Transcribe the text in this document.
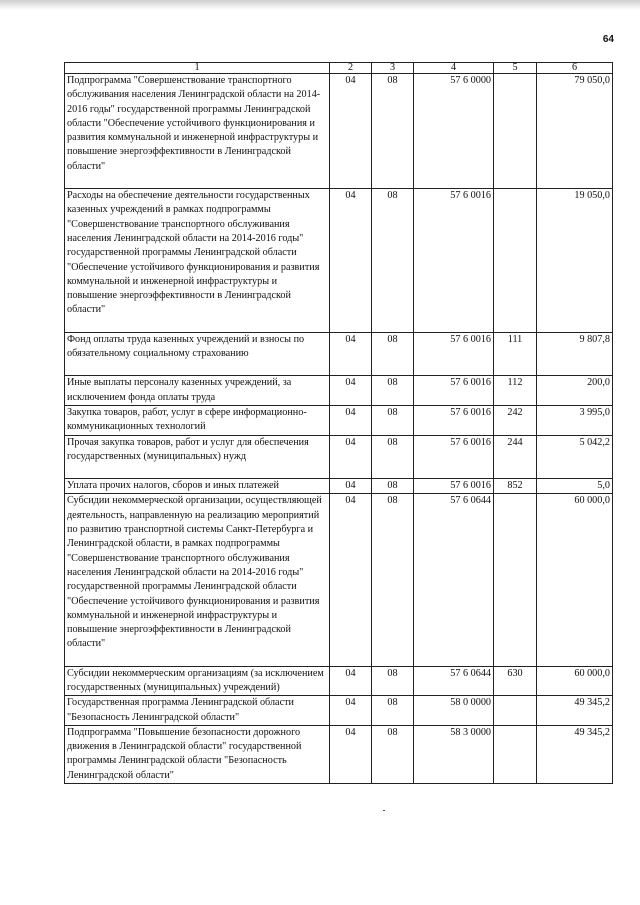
64
1	2	3	4	5	6
Подпрограмма "Совершенствование транспортного обслуживания населения Ленинградской области на 2014-2016 годы" государственной программы Ленинградской области "Обеспечение устойчивого функционирования и развития коммунальной и инженерной инфраструктуры и повышение энергоэффективности в Ленинградской области"	04	08	57 6 0000		79 050,0
Расходы на обеспечение деятельности государственных казенных учреждений в рамках подпрограммы "Совершенствование транспортного обслуживания населения Ленинградской области на 2014-2016 годы" государственной программы Ленинградской области "Обеспечение устойчивого функционирования и развития коммунальной и инженерной инфраструктуры и повышение энергоэффективности в Ленинградской области"	04	08	57 6 0016		19 050,0
Фонд оплаты труда казенных учреждений и взносы по обязательному социальному страхованию	04	08	57 6 0016	111	9 807,8
Иные выплаты персоналу казенных учреждений, за исключением фонда оплаты труда	04	08	57 6 0016	112	200,0
Закупка товаров, работ, услуг в сфере информационно-коммуникационных технологий	04	08	57 6 0016	242	3 995,0
Прочая закупка товаров, работ и услуг для обеспечения государственных (муниципальных) нужд	04	08	57 6 0016	244	5 042,2
Уплата прочих налогов, сборов и иных платежей	04	08	57 6 0016	852	5,0
Субсидии некоммерческой организации, осуществляющей деятельность, направленную на реализацию мероприятий по развитию транспортной системы Санкт-Петербурга и Ленинградской области, в рамках подпрограммы "Совершенствование транспортного обслуживания населения Ленинградской области на 2014-2016 годы" государственной программы Ленинградской области "Обеспечение устойчивого функционирования и развития коммунальной и инженерной инфраструктуры и повышение энергоэффективности в Ленинградской области"	04	08	57 6 0644		60 000,0
Субсидии некоммерческим организациям (за исключением государственных (муниципальных) учреждений)	04	08	57 6 0644	630	60 000,0
Государственная программа Ленинградской области "Безопасность Ленинградской области"	04	08	58 0 0000		49 345,2
Подпрограмма "Повышение безопасности дорожного движения в Ленинградской области" государственной программы Ленинградской области "Безопасность Ленинградской области"	04	08	58 3 0000		49 345,2
